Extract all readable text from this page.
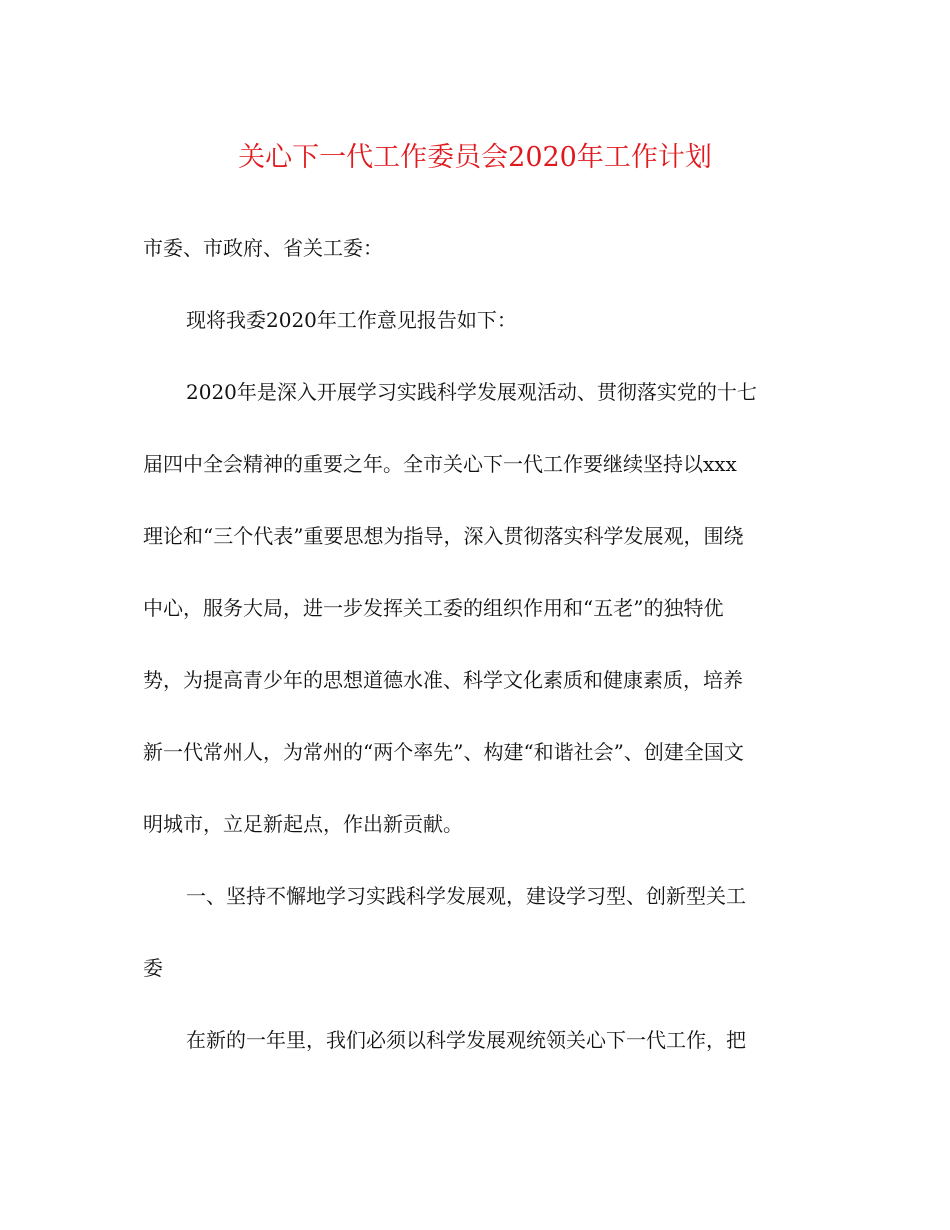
关心下一代工作委员会2020年工作计划
市委、市政府、省关工委：
现将我委2020年工作意见报告如下：
2020年是深入开展学习实践科学发展观活动、贯彻落实党的十七
届四中全会精神的重要之年。全市关心下一代工作要继续坚持以xxx
理论和“三个代表”重要思想为指导，深入贯彻落实科学发展观，围绕
中心，服务大局，进一步发挥关工委的组织作用和“五老”的独特优
势，为提高青少年的思想道德水准、科学文化素质和健康素质，培养
新一代常州人，为常州的“两个率先”、构建“和谐社会”、创建全国文
明城市，立足新起点，作出新贡献。
一、坚持不懈地学习实践科学发展观，建设学习型、创新型关工
委
在新的一年里，我们必须以科学发展观统领关心下一代工作，把
